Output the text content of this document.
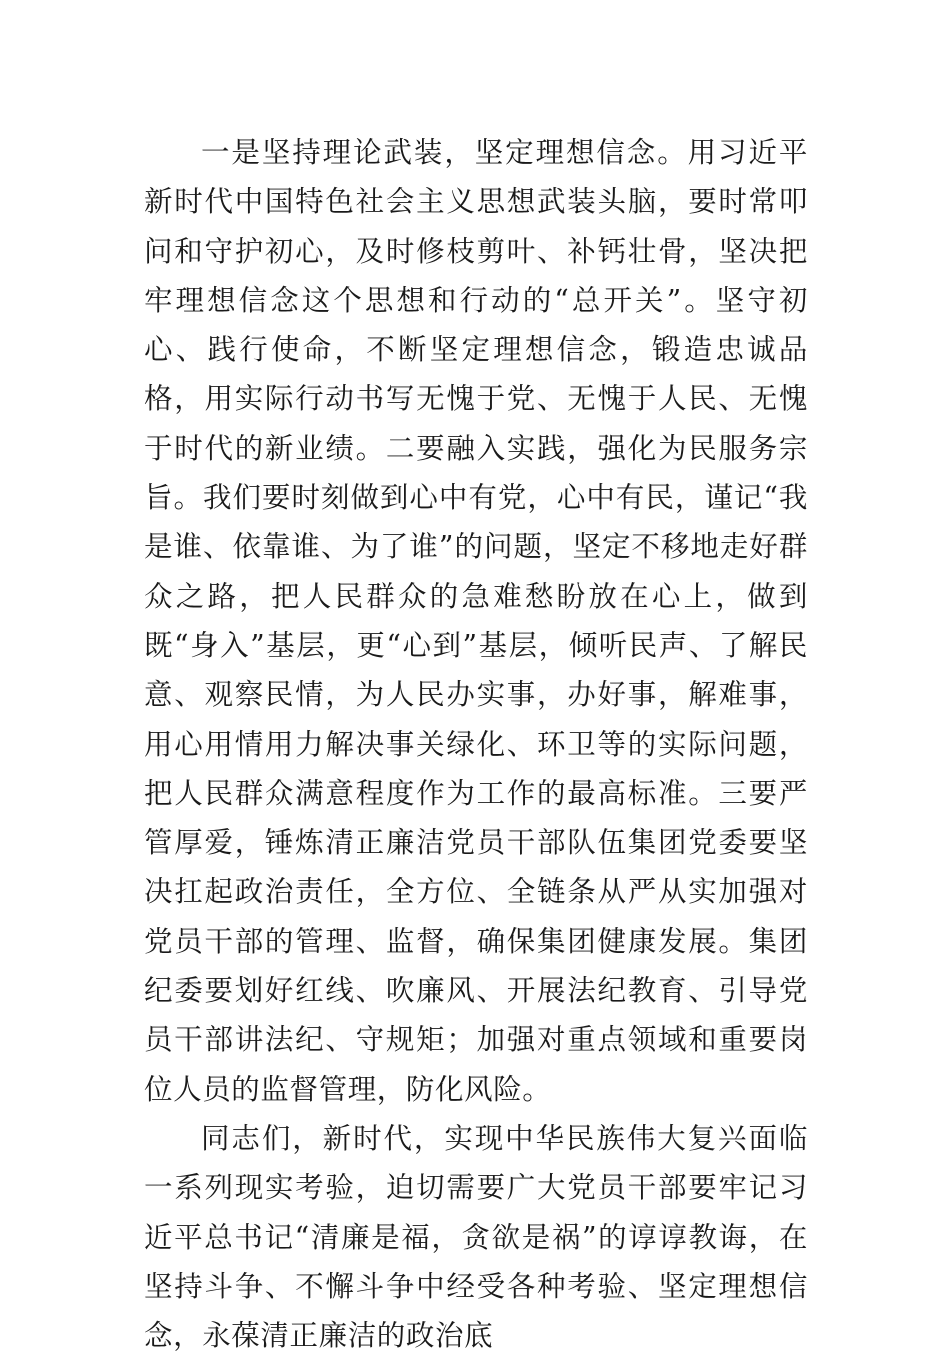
一是坚持理论武装，坚定理想信念。用习近平新时代中国特色社会主义思想武装头脑，要时常叩问和守护初心，及时修枝剪叶、补钙壮骨，坚决把牢理想信念这个思想和行动的“总开关”。坚守初心、践行使命，不断坚定理想信念，锻造忠诚品格，用实际行动书写无愧于党、无愧于人民、无愧于时代的新业绩。二要融入实践，强化为民服务宗旨。我们要时刻做到心中有党，心中有民，谨记“我是谁、依靠谁、为了谁”的问题，坚定不移地走好群众之路，把人民群众的急难愁盼放在心上，做到既“身入”基层，更“心到”基层，倾听民声、了解民意、观察民情，为人民办实事，办好事，解难事，用心用情用力解决事关绿化、环卫等的实际问题，把人民群众满意程度作为工作的最高标准。三要严管厚爱，锤炼清正廉洁党员干部队伍集团党委要坚决扛起政治责任，全方位、全链条从严从实加强对党员干部的管理、监督，确保集团健康发展。集团纪委要划好红线、吹廉风、开展法纪教育、引导党员干部讲法纪、守规矩；加强对重点领域和重要岗位人员的监督管理，防化风险。

同志们，新时代，实现中华民族伟大复兴面临一系列现实考验，迫切需要广大党员干部要牢记习近平总书记“清廉是福，贪欲是祸”的谆谆教诲，在坚持斗争、不懈斗争中经受各种考验、坚定理想信念，永葆清正廉洁的政治底
